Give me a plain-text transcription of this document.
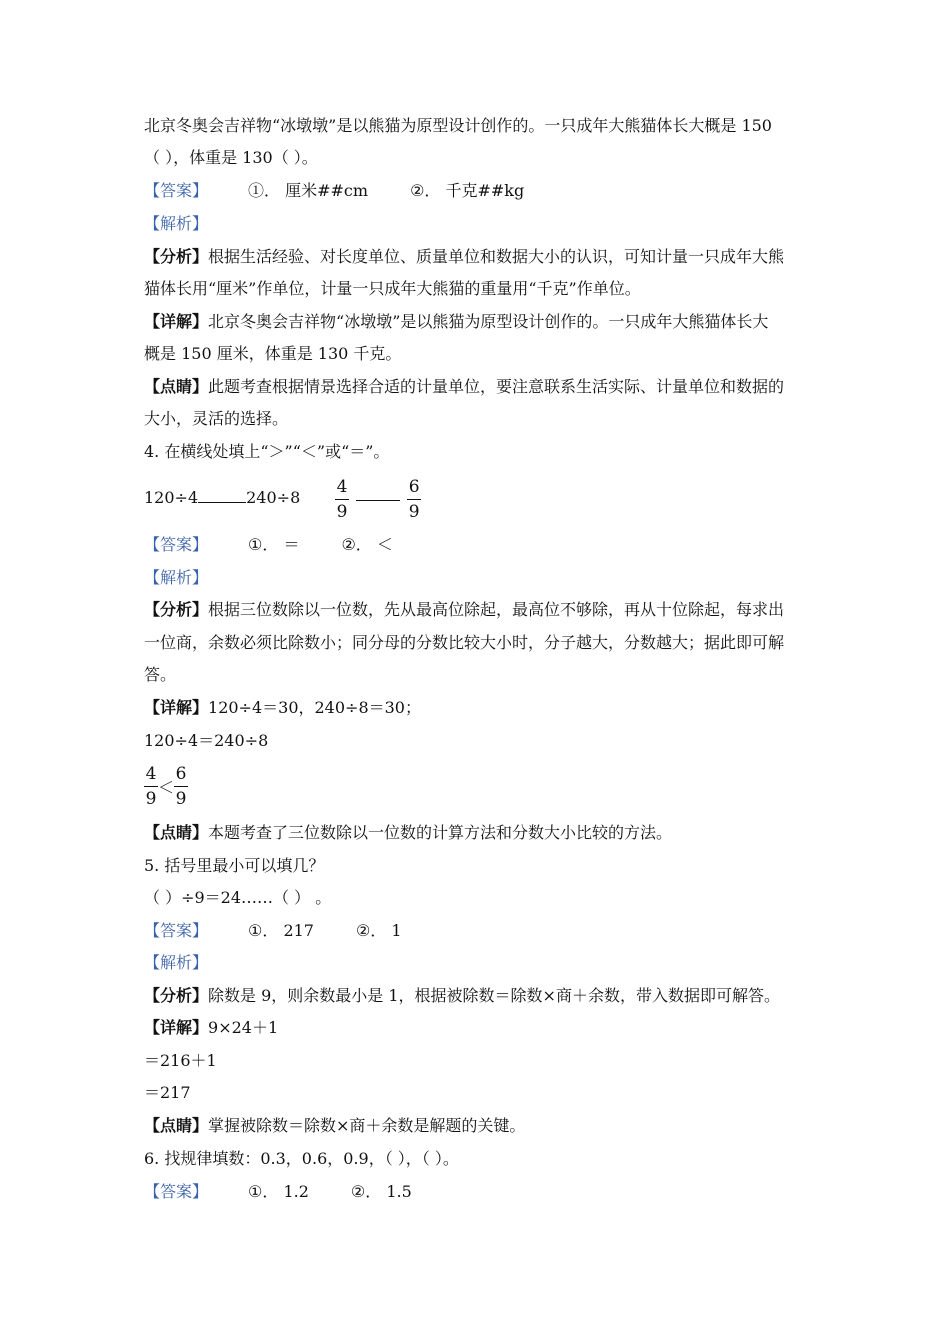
北京冬奥会吉祥物“冰墩墩”是以熊猫为原型设计创作的。一只成年大熊猫体长大概是 150
（ ），体重是 130（ ）。
【答案】	①． 厘米##cm	②． 千克##kg
【解析】
【分析】根据生活经验、对长度单位、质量单位和数据大小的认识，可知计量一只成年大熊
猫体长用“厘米”作单位，计量一只成年大熊猫的重量用“千克”作单位。
【详解】北京冬奥会吉祥物“冰墩墩”是以熊猫为原型设计创作的。一只成年大熊猫体长大
概是 150 厘米，体重是 130 千克。
【点睛】此题考查根据情景选择合适的计量单位，要注意联系生活实际、计量单位和数据的
大小，灵活的选择。
4. 在横线处填上“＞”“＜”或“＝”。
120÷4	$240\div 8 \frac{4}{9}$
	$\frac{6}{9}$
【答案】	①． ＝	②． ＜
【解析】
【分析】根据三位数除以一位数，先从最高位除起，最高位不够除，再从十位除起，每求出
一位商，余数必须比除数小；同分母的分数比较大小时，分子越大，分数越大；据此即可解
答。
【详解】120÷4＝30，240÷8＝30；
120÷4＝240÷8
$\frac{4}{9} < \frac{6}{9}$
【点睛】本题考查了三位数除以一位数的计算方法和分数大小比较的方法。
5. 括号里最小可以填几？
（ ）÷9＝24……（ ） 。
【答案】	①． 217	②． 1
【解析】
【分析】除数是 9，则余数最小是 1，根据被除数＝除数×商＋余数，带入数据即可解答。
【详解】9×24＋1
＝216＋1
＝217
【点睛】掌握被除数＝除数×商＋余数是解题的关键。
6. 找规律填数：0.3，0.6，0.9，（ ），（ ）。
【答案】	①． 1.2	②． 1.5
